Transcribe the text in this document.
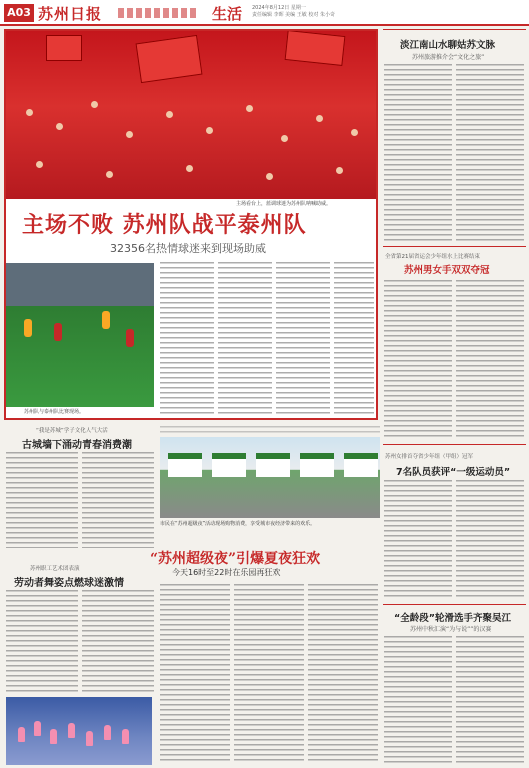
A03 苏州日报	生活 2024年8月12日 星期一
责任编辑 李晖 美编 王敏 校对 朱小奇
主场看台上，蓝调球迷为苏州队呐喊助威。
主场不败 苏州队战平泰州队
32356名热情球迷来到现场助威
苏州队与泰州队比赛现场。
淡江南山水聊姑苏文脉
苏州旅游推介会“文化之旅”
全省第21届省运会少年组水上比赛结束
苏州男女手双双夺冠
苏州女排首夺省少年组（甲组）冠军
7名队员获评“一级运动员”
“全龄段”轮滑选手齐聚吴江
苏州中秋汇演“为与说””的汉赛
“我是苏城”学子文化人气大活
古城墙下涌动青春消费潮
苏州职工艺术团表演
劳动者舞姿点燃球迷激情
市民在“苏州超级夜”活动现场购物消费，享受城市夜经济带来的欢乐。
“苏州超级夜”引爆夏夜狂欢
今天16时至22时在乐园再狂欢
